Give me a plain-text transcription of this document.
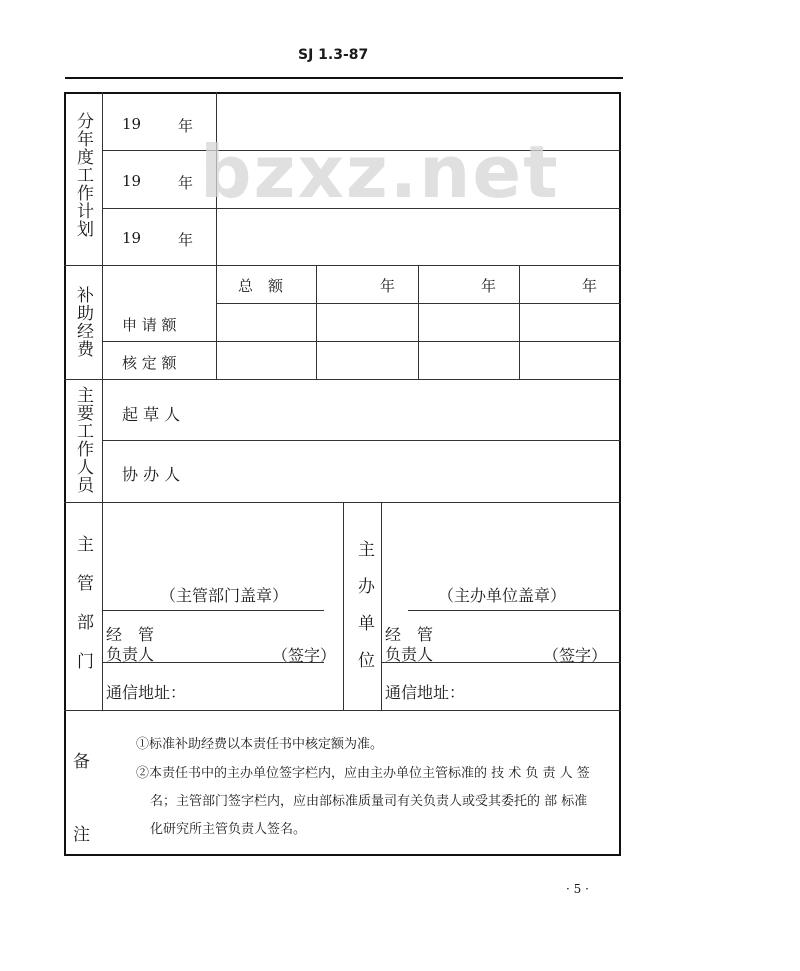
SJ 1.3-87
分年度工作计划 19 年
19 年
19 年
补助经费	总　额	年	年	年
申 请 额
核 定 额
主要工作人员 起 草 人
协 办 人
主管部门	主办单位
（主管部门盖章）
经　管
负责人	（签字）
通信地址：
（主办单位盖章）
经　管
负责人	（签字）
通信地址：
备
注
①标准补助经费以本责任书中核定额为准。
②本责任书中的主办单位签字栏内，应由主办单位主管标准的 技 术 负 责 人 签
名；主管部门签字栏内，应由部标准质量司有关负责人或受其委托的 部 标准
化研究所主管负责人签名。
bzxz.net
· 5 ·
